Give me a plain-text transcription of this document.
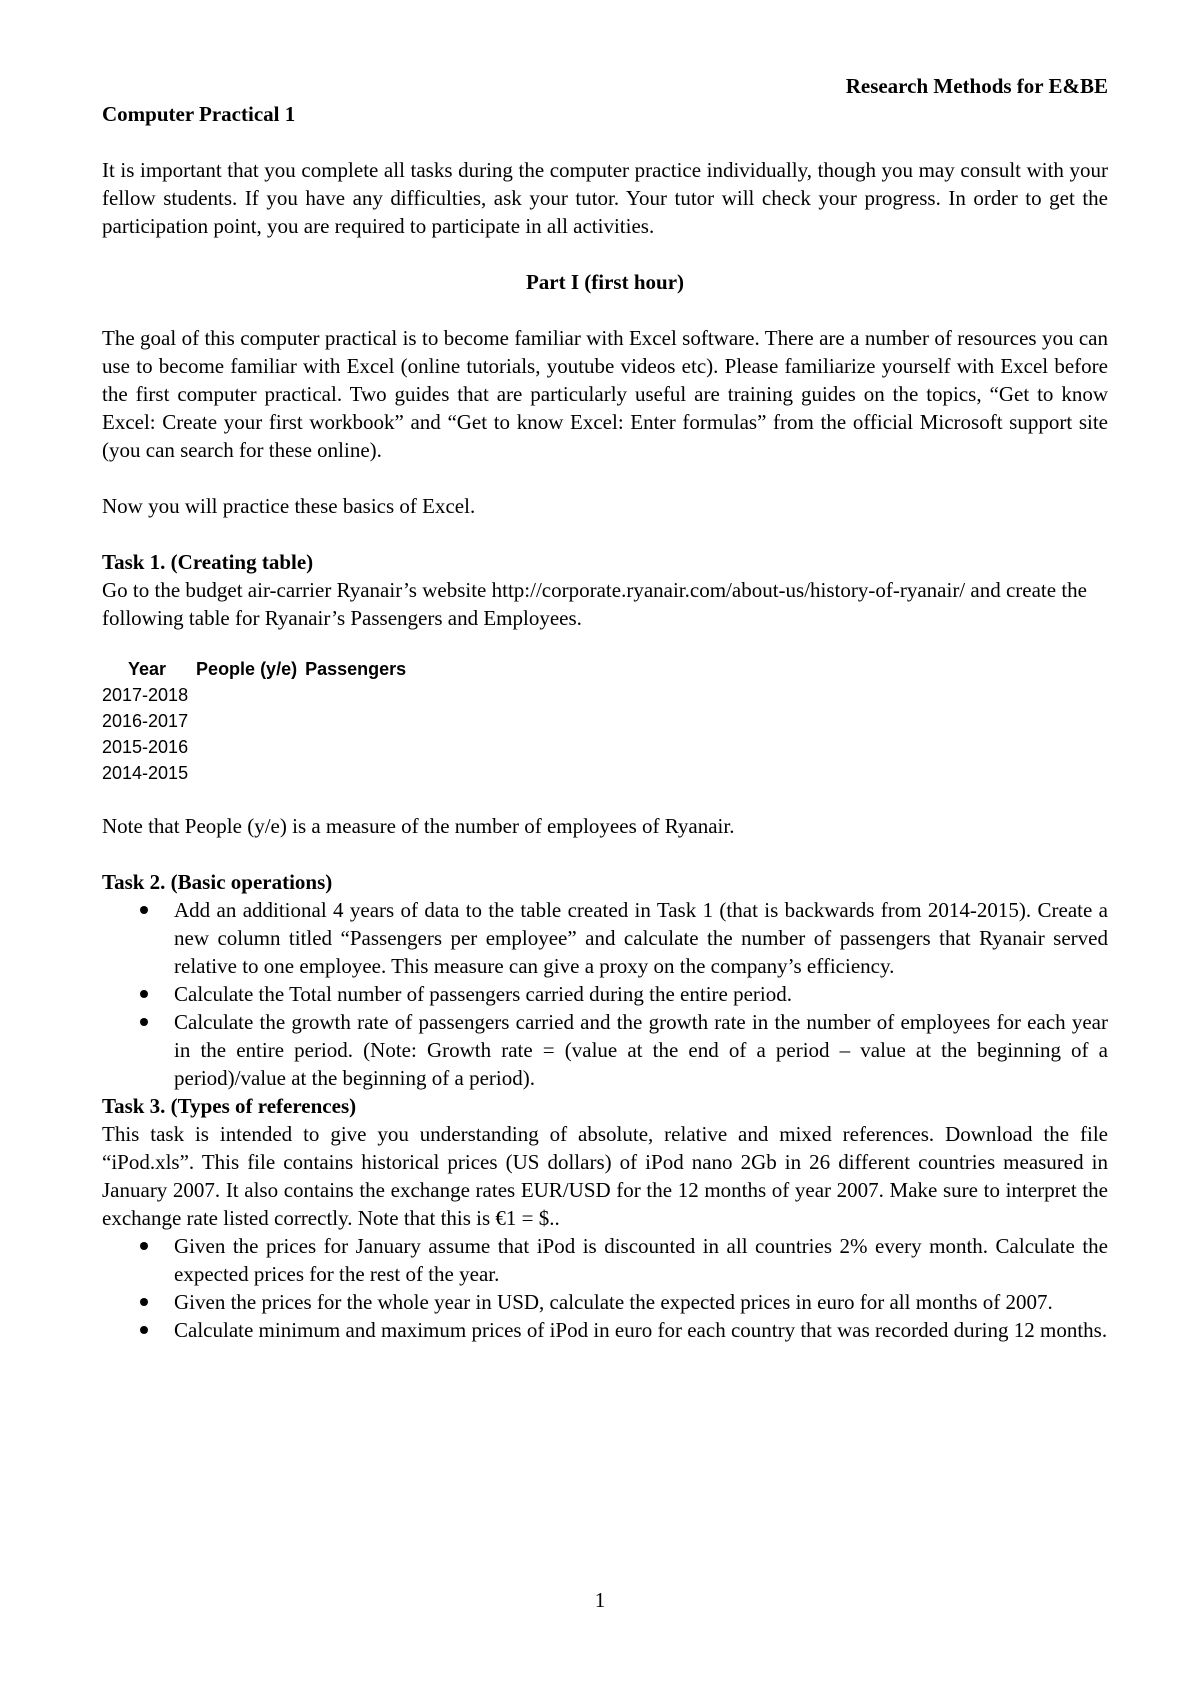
Research Methods for E&BE

Computer Practical 1

It is important that you complete all tasks during the computer practice individually, though you may consult with your fellow students. If you have any difficulties, ask your tutor. Your tutor will check your progress. In order to get the participation point, you are required to participate in all activities.

Part I (first hour)

The goal of this computer practical is to become familiar with Excel software. There are a number of resources you can use to become familiar with Excel (online tutorials, youtube videos etc). Please familiarize yourself with Excel before the first computer practical. Two guides that are particularly useful are training guides on the topics, “Get to know Excel: Create your first workbook” and “Get to know Excel: Enter formulas” from the official Microsoft support site (you can search for these online).

Now you will practice these basics of Excel.

Task 1. (Creating table)

Go to the budget air-carrier Ryanair’s website http://corporate.ryanair.com/about-us/history-of-ryanair/ and create the following table for Ryanair’s Passengers and Employees.

Year	People (y/e)	Passengers
2017-2018		
2016-2017		
2015-2016		
2014-2015		

Note that People (y/e) is a measure of the number of employees of Ryanair.

Task 2. (Basic operations)

Add an additional 4 years of data to the table created in Task 1 (that is backwards from 2014-2015). Create a new column titled “Passengers per employee” and calculate the number of passengers that Ryanair served relative to one employee. This measure can give a proxy on the company’s efficiency.
Calculate the Total number of passengers carried during the entire period.
Calculate the growth rate of passengers carried and the growth rate in the number of employees for each year in the entire period. (Note: Growth rate = (value at the end of a period – value at the beginning of a period)/value at the beginning of a period).

Task 3. (Types of references)

This task is intended to give you understanding of absolute, relative and mixed references. Download the file “iPod.xls”. This file contains historical prices (US dollars) of iPod nano 2Gb in 26 different countries measured in January 2007. It also contains the exchange rates EUR/USD for the 12 months of year 2007. Make sure to interpret the exchange rate listed correctly. Note that this is €1 = $..

Given the prices for January assume that iPod is discounted in all countries 2% every month. Calculate the expected prices for the rest of the year.
Given the prices for the whole year in USD, calculate the expected prices in euro for all months of 2007.
Calculate minimum and maximum prices of iPod in euro for each country that was recorded during 12 months.
1
